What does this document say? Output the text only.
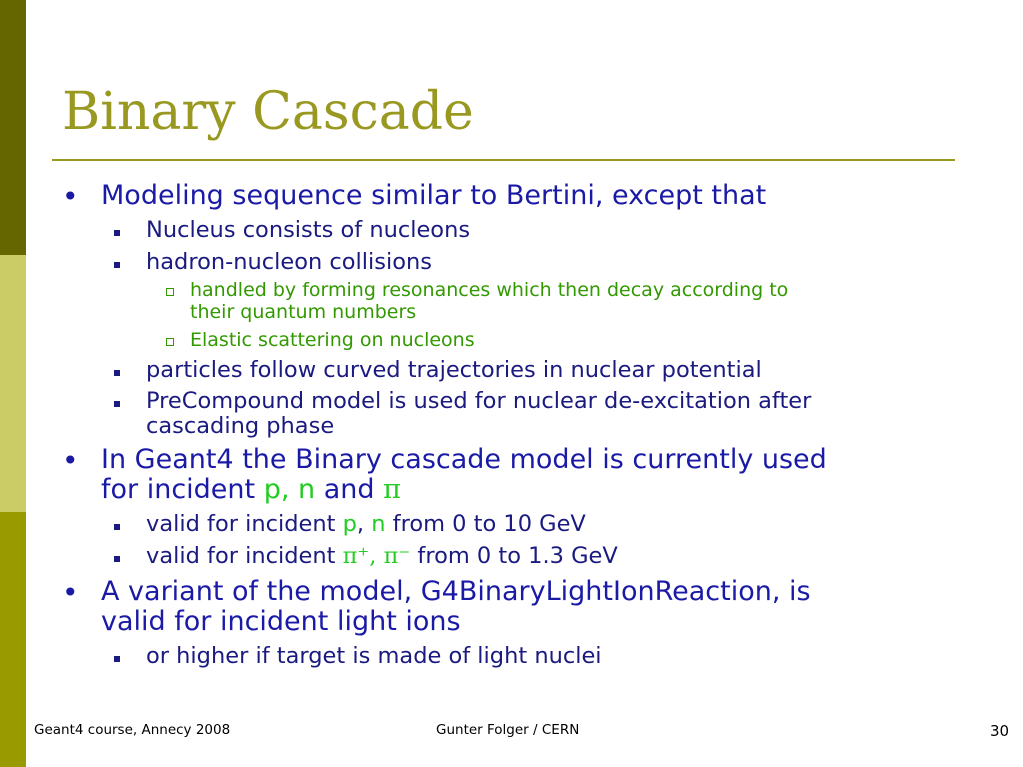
Binary Cascade
• Modeling sequence similar to Bertini, except that
Nucleus consists of nucleons
hadron-nucleon collisions
handled by forming resonances which then decay according to
their quantum numbers
Elastic scattering on nucleons
particles follow curved trajectories in nuclear potential
PreCompound model is used for nuclear de-excitation after
cascading phase
• In Geant4 the Binary cascade model is currently used
for incident p, n and π
valid for incident p, n from 0 to 10 GeV
valid for incident π⁺, π⁻ from 0 to 1.3 GeV
• A variant of the model, G4BinaryLightIonReaction, is
valid for incident light ions
or higher if target is made of light nuclei
Geant4 course, Annecy 2008	Gunter Folger / CERN	30
